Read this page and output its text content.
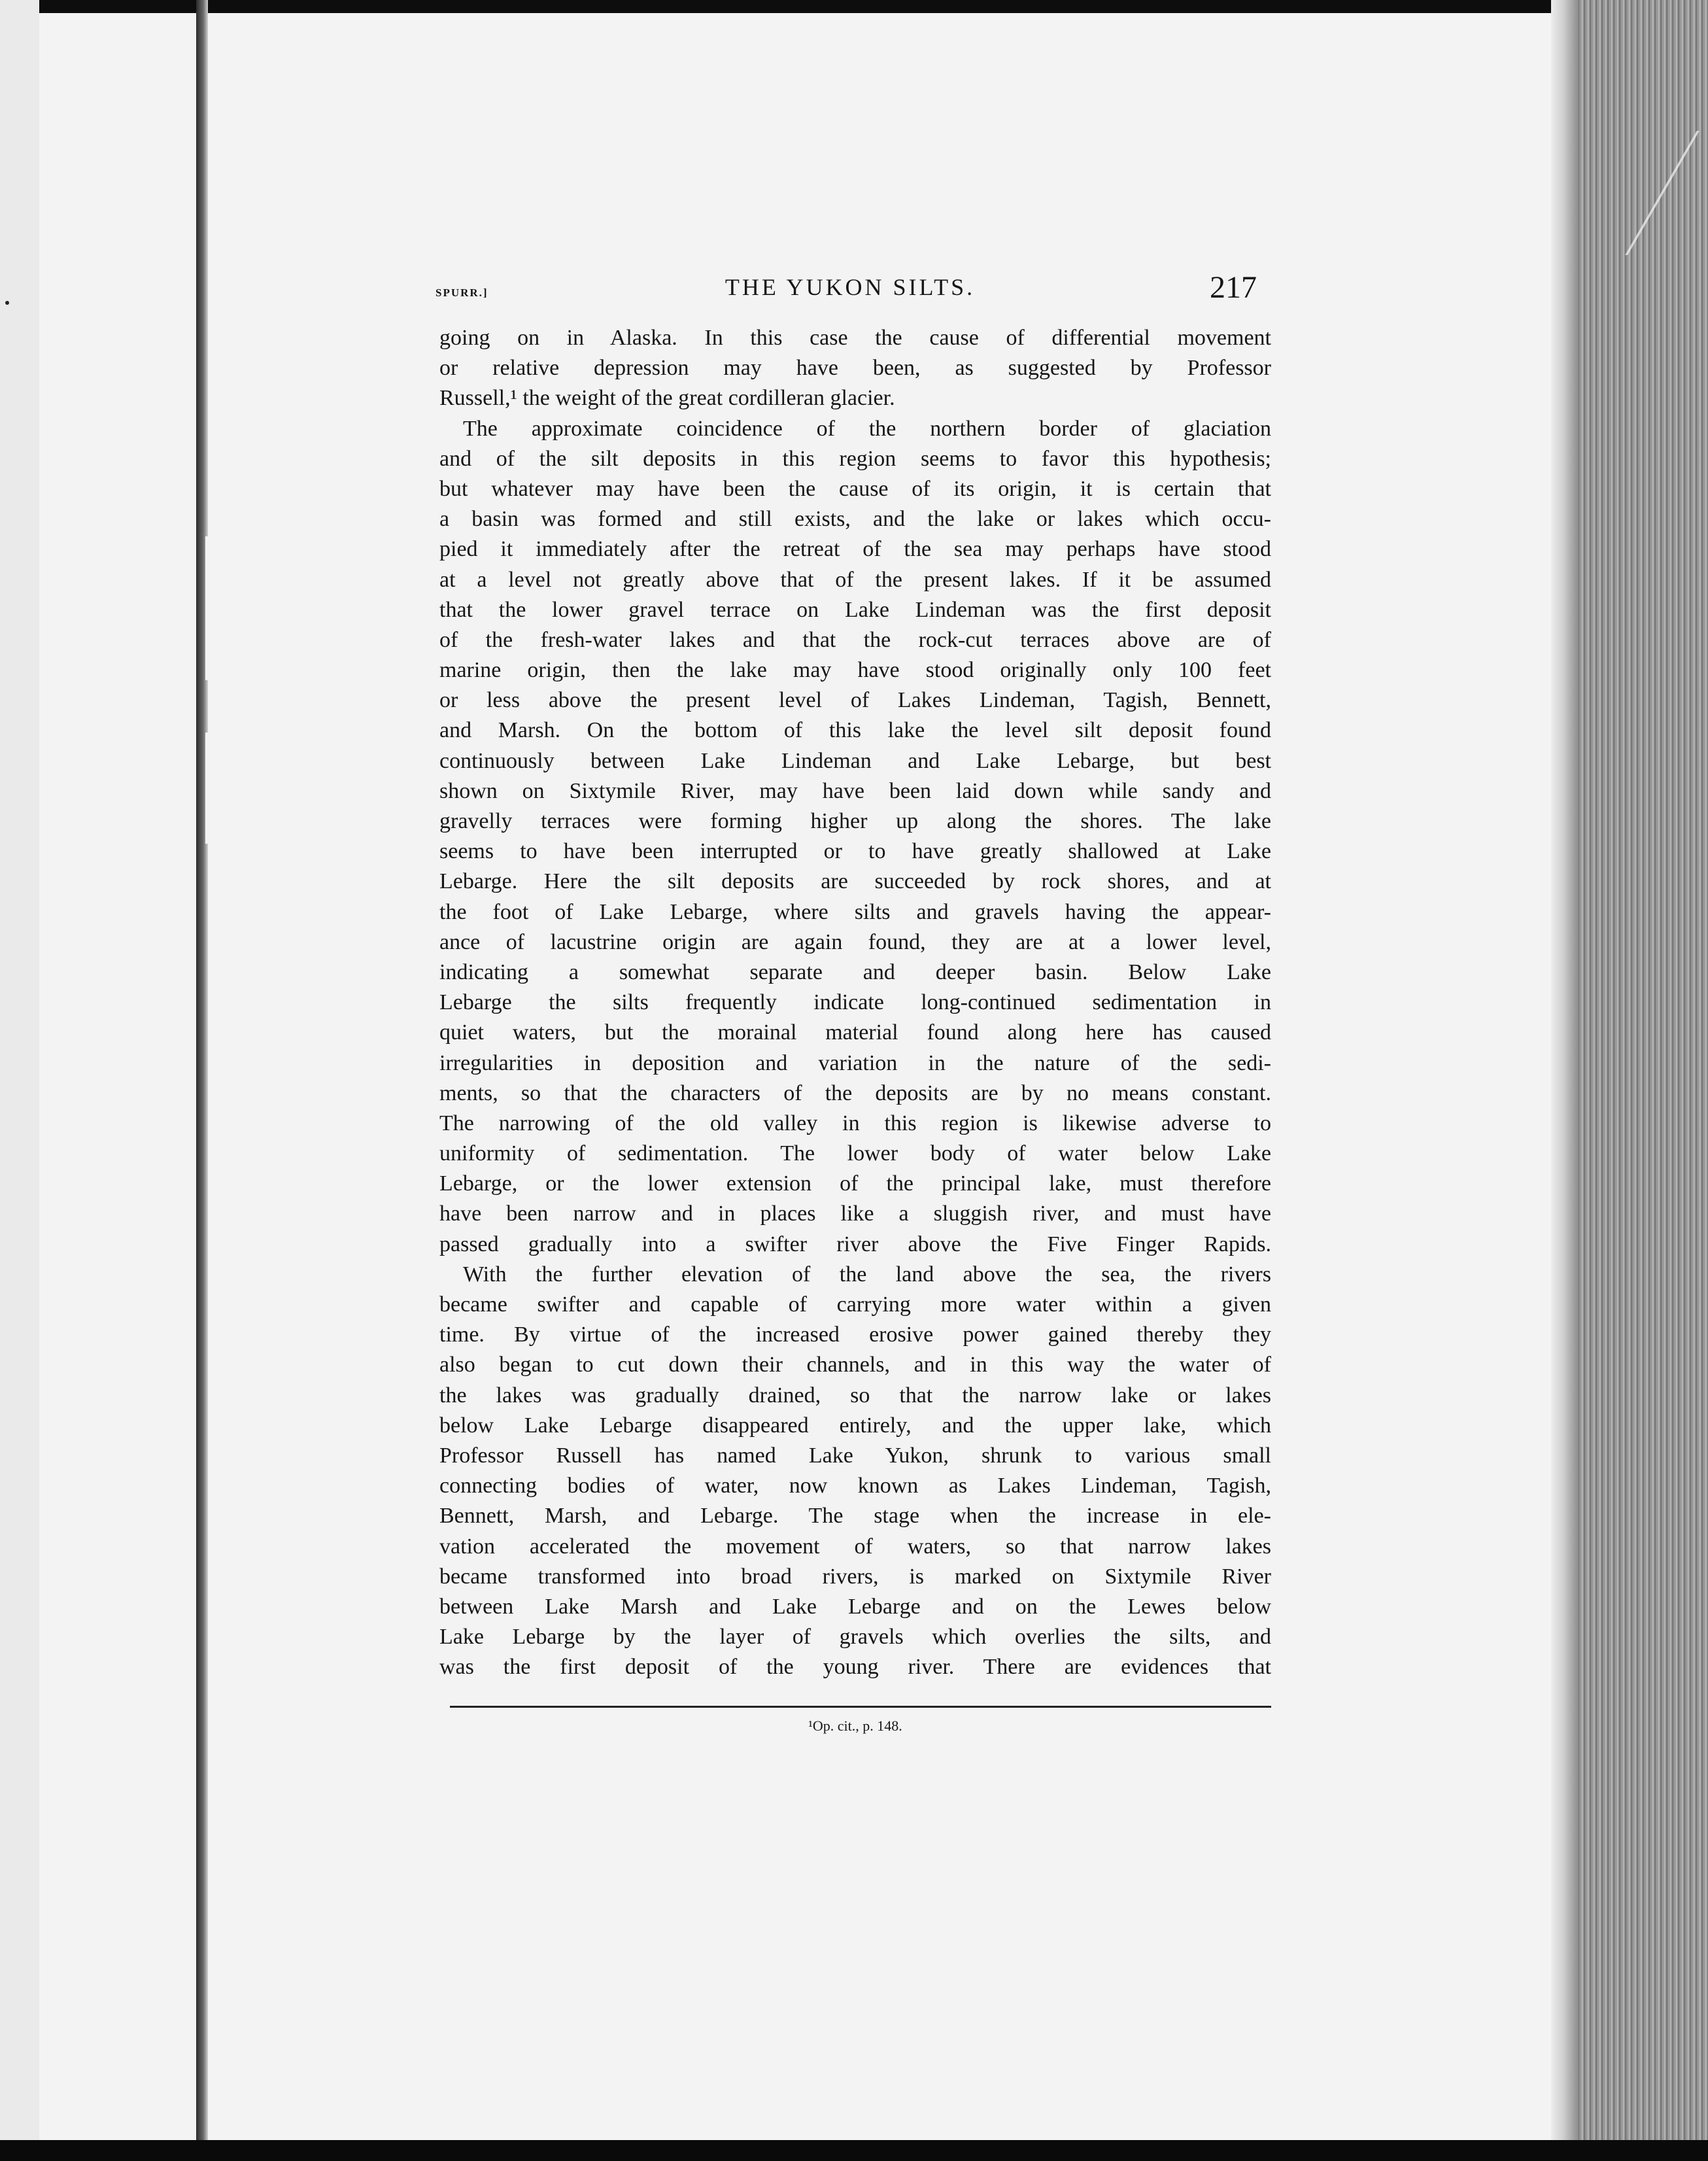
SPURR.]	THE YUKON SILTS.	217
going on in Alaska. In this case the cause of differential movement
or relative depression may have been, as suggested by Professor
Russell,¹ the weight of the great cordilleran glacier.
The approximate coincidence of the northern border of glaciation
and of the silt deposits in this region seems to favor this hypothesis;
but whatever may have been the cause of its origin, it is certain that
a basin was formed and still exists, and the lake or lakes which occu-
pied it immediately after the retreat of the sea may perhaps have stood
at a level not greatly above that of the present lakes. If it be assumed
that the lower gravel terrace on Lake Lindeman was the first deposit
of the fresh-water lakes and that the rock-cut terraces above are of
marine origin, then the lake may have stood originally only 100 feet
or less above the present level of Lakes Lindeman, Tagish, Bennett,
and Marsh. On the bottom of this lake the level silt deposit found
continuously between Lake Lindeman and Lake Lebarge, but best
shown on Sixtymile River, may have been laid down while sandy and
gravelly terraces were forming higher up along the shores. The lake
seems to have been interrupted or to have greatly shallowed at Lake
Lebarge. Here the silt deposits are succeeded by rock shores, and at
the foot of Lake Lebarge, where silts and gravels having the appear-
ance of lacustrine origin are again found, they are at a lower level,
indicating a somewhat separate and deeper basin. Below Lake
Lebarge the silts frequently indicate long-continued sedimentation in
quiet waters, but the morainal material found along here has caused
irregularities in deposition and variation in the nature of the sedi-
ments, so that the characters of the deposits are by no means constant.
The narrowing of the old valley in this region is likewise adverse to
uniformity of sedimentation. The lower body of water below Lake
Lebarge, or the lower extension of the principal lake, must therefore
have been narrow and in places like a sluggish river, and must have
passed gradually into a swifter river above the Five Finger Rapids.
With the further elevation of the land above the sea, the rivers
became swifter and capable of carrying more water within a given
time. By virtue of the increased erosive power gained thereby they
also began to cut down their channels, and in this way the water of
the lakes was gradually drained, so that the narrow lake or lakes
below Lake Lebarge disappeared entirely, and the upper lake, which
Professor Russell has named Lake Yukon, shrunk to various small
connecting bodies of water, now known as Lakes Lindeman, Tagish,
Bennett, Marsh, and Lebarge. The stage when the increase in ele-
vation accelerated the movement of waters, so that narrow lakes
became transformed into broad rivers, is marked on Sixtymile River
between Lake Marsh and Lake Lebarge and on the Lewes below
Lake Lebarge by the layer of gravels which overlies the silts, and
was the first deposit of the young river. There are evidences that
¹Op. cit., p. 148.
